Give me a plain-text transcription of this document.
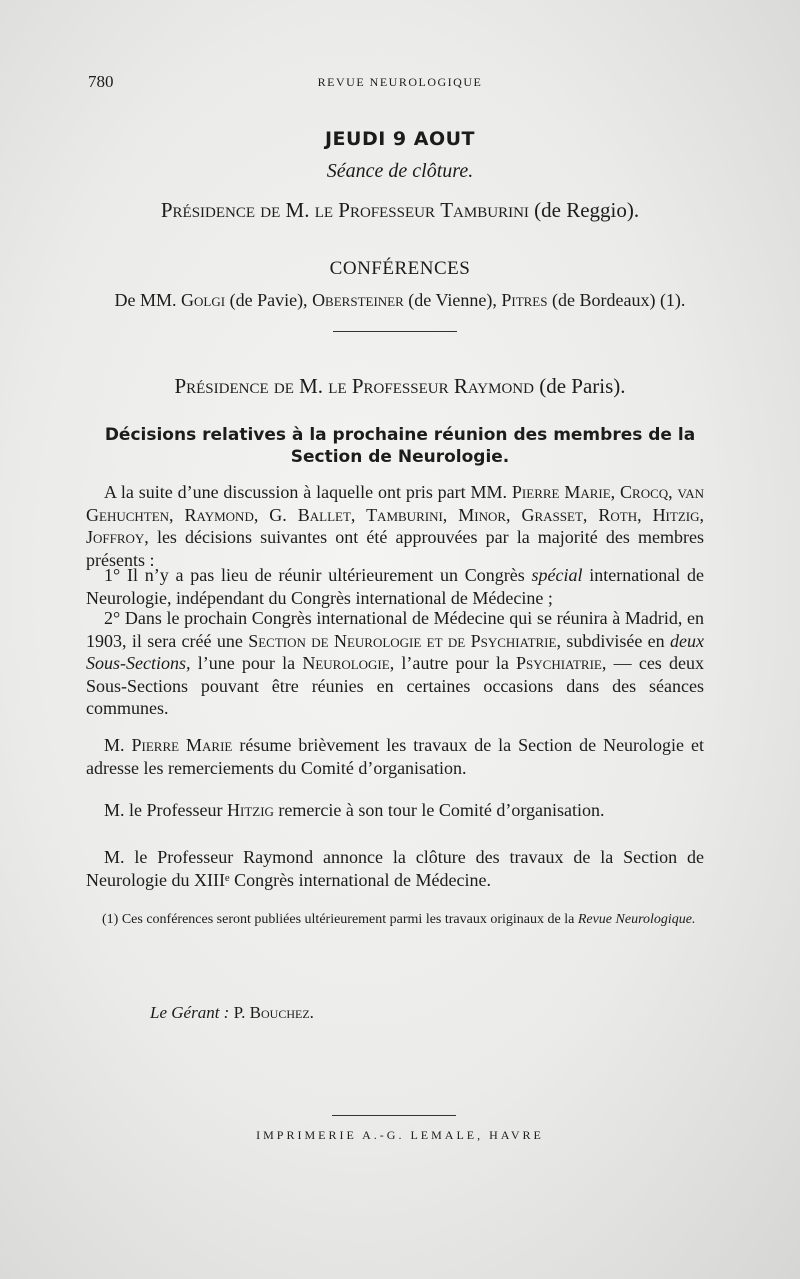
780	REVUE NEUROLOGIQUE
JEUDI 9 AOUT
Séance de clôture.
Présidence de M. le Professeur Tamburini (de Reggio).
CONFÉRENCES
De MM. Golgi (de Pavie), Obersteiner (de Vienne), Pitres (de Bordeaux) (1).
Présidence de M. le Professeur Raymond (de Paris).
Décisions relatives à la prochaine réunion des membres de la
Section de Neurologie.
A la suite d’une discussion à laquelle ont pris part MM. Pierre Marie, Crocq, van Gehuchten, Raymond, G. Ballet, Tamburini, Minor, Grasset, Roth, Hitzig, Joffroy, les décisions suivantes ont été approuvées par la majorité des membres présents :
1° Il n’y a pas lieu de réunir ultérieurement un Congrès spécial international de Neurologie, indépendant du Congrès international de Médecine ;
2° Dans le prochain Congrès international de Médecine qui se réunira à Madrid, en 1903, il sera créé une Section de Neurologie et de Psychiatrie, subdivisée en deux Sous-Sections, l’une pour la Neurologie, l’autre pour la Psychiatrie, — ces deux Sous-Sections pouvant être réunies en certaines occasions dans des séances communes.
M. Pierre Marie résume brièvement les travaux de la Section de Neurologie et adresse les remerciements du Comité d’organisation.
M. le Professeur Hitzig remercie à son tour le Comité d’organisation.
M. le Professeur Raymond annonce la clôture des travaux de la Section de Neurologie du XIIIᵉ Congrès international de Médecine.
(1) Ces conférences seront publiées ultérieurement parmi les travaux originaux de la Revue Neurologique.
Le Gérant : P. Bouchez.
IMPRIMERIE A.-G. LEMALE, HAVRE
